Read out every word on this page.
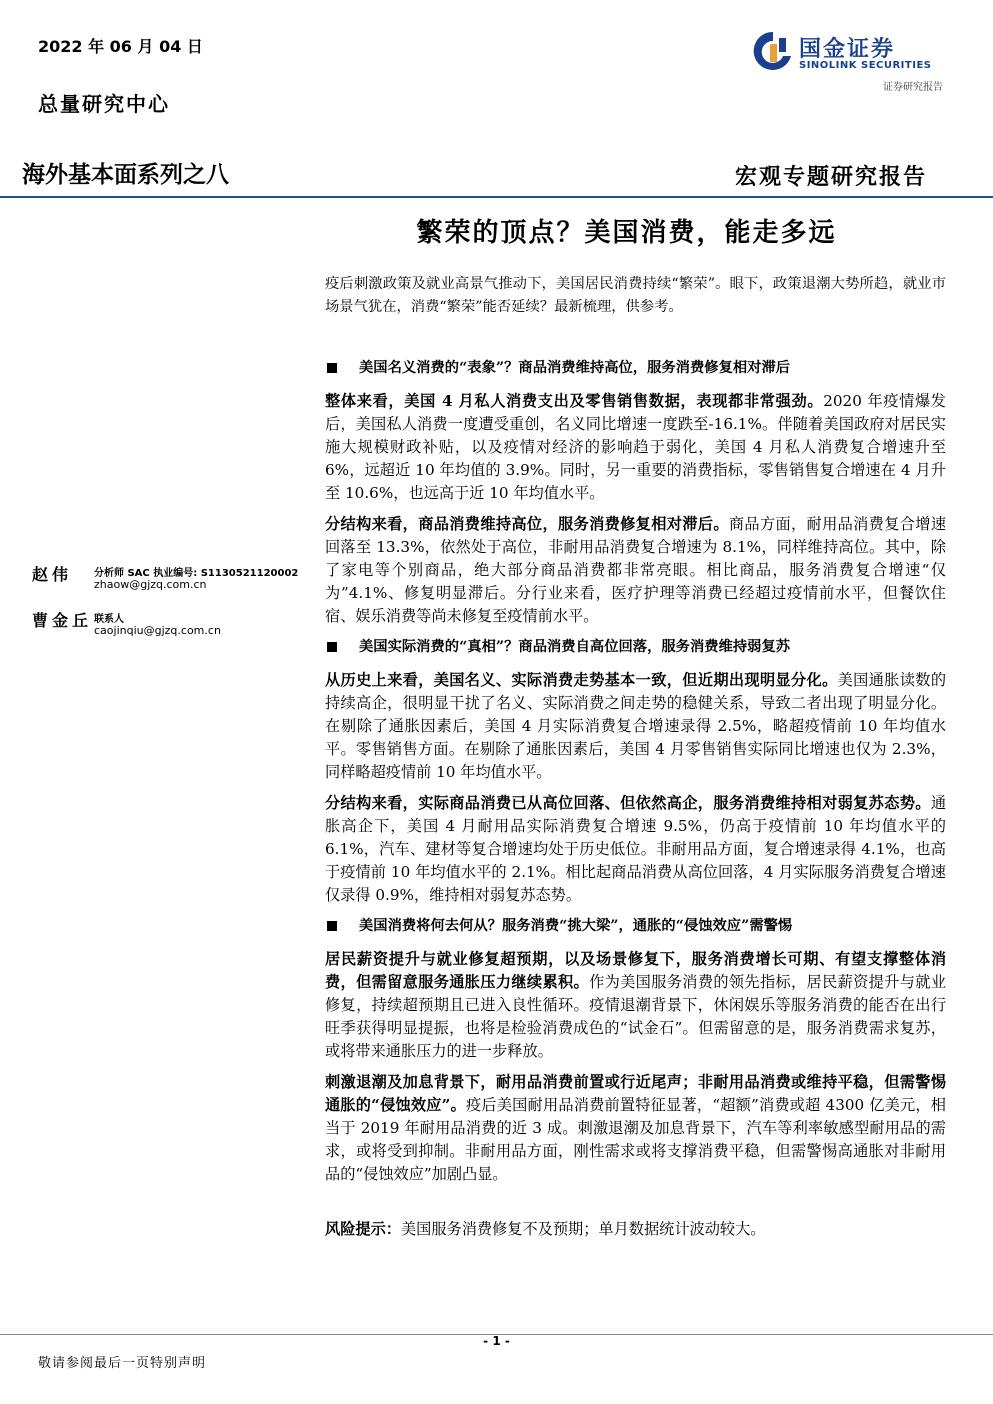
2022 年 06 月 04 日
总量研究中心
国金证券
SINOLINK SECURITIES
证券研究报告
海外基本面系列之八	宏观专题研究报告
繁荣的顶点？美国消费，能走多远
赵伟 分析师 SAC 执业编号: S1130521120002
zhaow@gjzq.com.cn
曹金丘 联系人
caojinqiu@gjzq.com.cn

疫后刺激政策及就业高景气推动下，美国居民消费持续“繁荣”。眼下，政策退潮大势所趋，就业市场景气犹在，消费“繁荣”能否延续？最新梳理，供参考。

美国名义消费的“表象”？商品消费维持高位，服务消费修复相对滞后

整体来看，美国 4 月私人消费支出及零售销售数据，表现都非常强劲。2020 年疫情爆发后，美国私人消费一度遭受重创，名义同比增速一度跌至-16.1%。伴随着美国政府对居民实施大规模财政补贴，以及疫情对经济的影响趋于弱化，美国 4 月私人消费复合增速升至 6%，远超近 10 年均值的 3.9%。同时，另一重要的消费指标，零售销售复合增速在 4 月升至 10.6%，也远高于近 10 年均值水平。

分结构来看，商品消费维持高位，服务消费修复相对滞后。商品方面，耐用品消费复合增速回落至 13.3%，依然处于高位，非耐用品消费复合增速为 8.1%，同样维持高位。其中，除了家电等个别商品，绝大部分商品消费都非常亮眼。相比商品，服务消费复合增速“仅为”4.1%、修复明显滞后。分行业来看，医疗护理等消费已经超过疫情前水平，但餐饮住宿、娱乐消费等尚未修复至疫情前水平。

美国实际消费的“真相”？商品消费自高位回落，服务消费维持弱复苏

从历史上来看，美国名义、实际消费走势基本一致，但近期出现明显分化。美国通胀读数的持续高企，很明显干扰了名义、实际消费之间走势的稳健关系，导致二者出现了明显分化。在剔除了通胀因素后，美国 4 月实际消费复合增速录得 2.5%，略超疫情前 10 年均值水平。零售销售方面。在剔除了通胀因素后，美国 4 月零售销售实际同比增速也仅为 2.3%，同样略超疫情前 10 年均值水平。

分结构来看，实际商品消费已从高位回落、但依然高企，服务消费维持相对弱复苏态势。通胀高企下，美国 4 月耐用品实际消费复合增速 9.5%，仍高于疫情前 10 年均值水平的 6.1%，汽车、建材等复合增速均处于历史低位。非耐用品方面，复合增速录得 4.1%，也高于疫情前 10 年均值水平的 2.1%。相比起商品消费从高位回落，4 月实际服务消费复合增速仅录得 0.9%，维持相对弱复苏态势。

美国消费将何去何从？服务消费“挑大梁”，通胀的“侵蚀效应”需警惕

居民薪资提升与就业修复超预期，以及场景修复下，服务消费增长可期、有望支撑整体消费，但需留意服务通胀压力继续累积。作为美国服务消费的领先指标，居民薪资提升与就业修复，持续超预期且已进入良性循环。疫情退潮背景下，休闲娱乐等服务消费的能否在出行旺季获得明显提振，也将是检验消费成色的“试金石”。但需留意的是，服务消费需求复苏，或将带来通胀压力的进一步释放。

刺激退潮及加息背景下，耐用品消费前置或行近尾声；非耐用品消费或维持平稳，但需警惕通胀的“侵蚀效应”。疫后美国耐用品消费前置特征显著，“超额”消费或超 4300 亿美元，相当于 2019 年耐用品消费的近 3 成。刺激退潮及加息背景下，汽车等利率敏感型耐用品的需求，或将受到抑制。非耐用品方面，刚性需求或将支撑消费平稳，但需警惕高通胀对非耐用品的“侵蚀效应”加剧凸显。

风险提示：美国服务消费修复不及预期；单月数据统计波动较大。

- 1 -
敬请参阅最后一页特别声明
